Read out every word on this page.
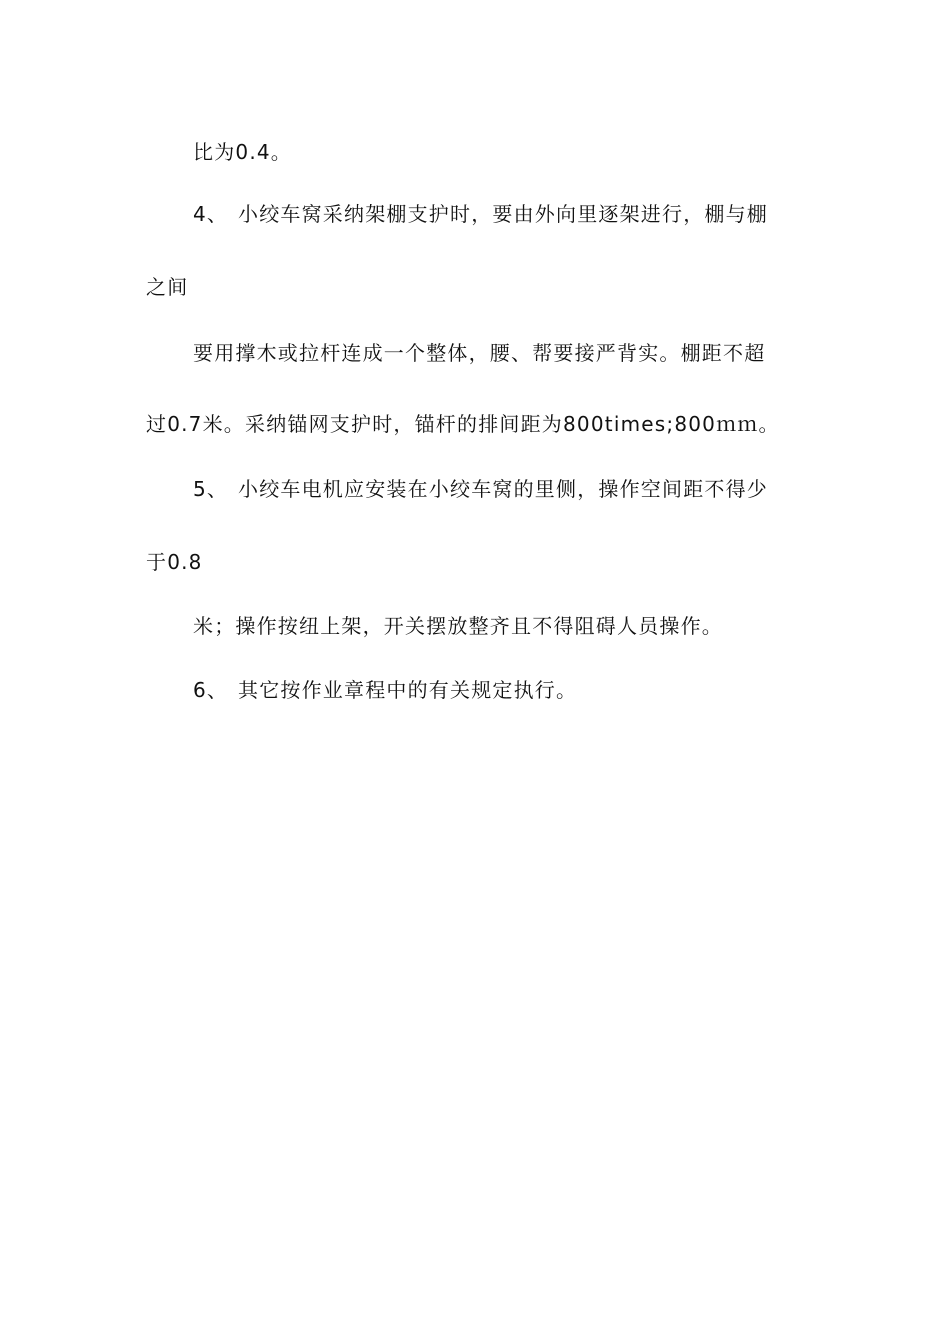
比为0.4。
4、 小绞车窝采纳架棚支护时，要由外向里逐架进行，棚与棚
之间
要用撑木或拉杆连成一个整体，腰、帮要接严背实。棚距不超
过0.7米。采纳锚网支护时，锚杆的排间距为800times;800ｍｍ。
5、 小绞车电机应安装在小绞车窝的里侧，操作空间距不得少
于0.8
米；操作按纽上架，开关摆放整齐且不得阻碍人员操作。
6、 其它按作业章程中的有关规定执行。
